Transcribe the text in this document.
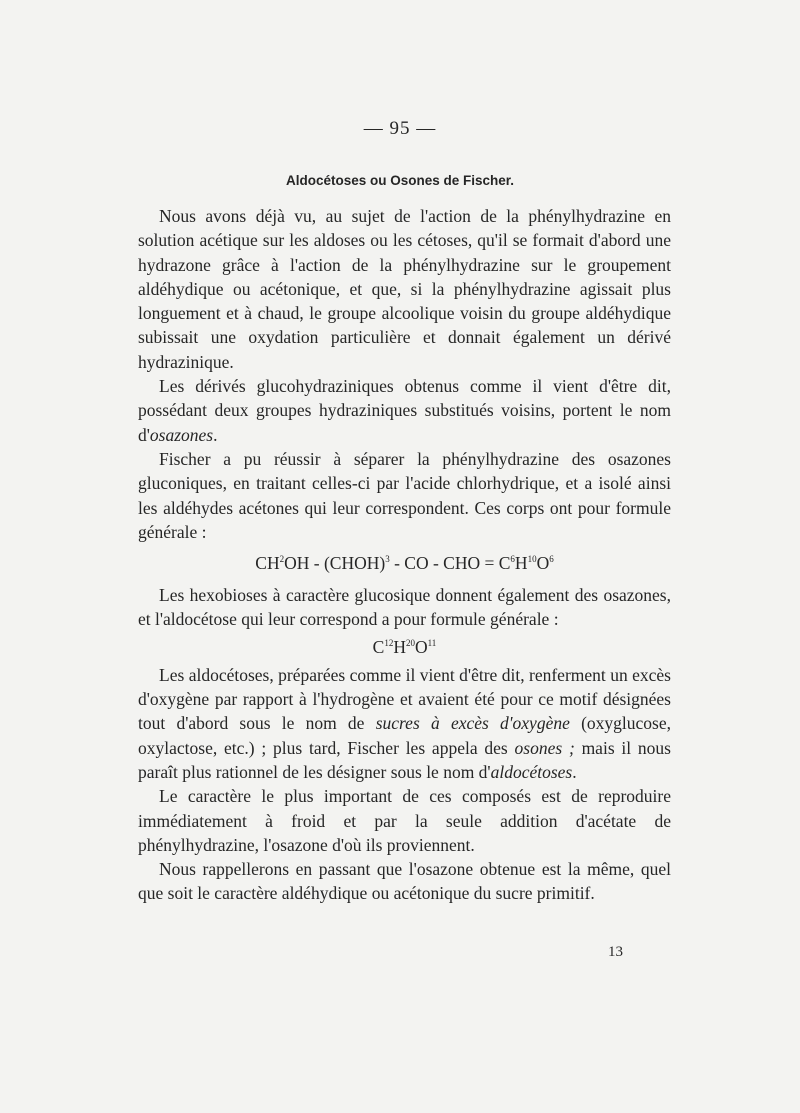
— 95 —
Aldocétoses ou Osones de Fischer.

Nous avons déjà vu, au sujet de l'action de la phénylhydrazine en solution acétique sur les aldoses ou les cétoses, qu'il se formait d'abord une hydrazone grâce à l'action de la phénylhydrazine sur le groupement aldéhydique ou acétonique, et que, si la phénylhydrazine agissait plus longuement et à chaud, le groupe alcoolique voisin du groupe aldéhydique subissait une oxydation particulière et donnait également un dérivé hydrazinique.

Les dérivés glucohydraziniques obtenus comme il vient d'être dit, possédant deux groupes hydraziniques substitués voisins, portent le nom d'osazones.

Fischer a pu réussir à séparer la phénylhydrazine des osazones gluconiques, en traitant celles-ci par l'acide chlorhydrique, et a isolé ainsi les aldéhydes acétones qui leur correspondent. Ces corps ont pour formule générale :

$CH^2OH$ - (CHOH)$^3$ - CO - CHO = $C^6H^{10}O^6$

Les hexobioses à caractère glucosique donnent également des osazones, et l'aldocétose qui leur correspond a pour formule générale :

$C^{12}H^{20}O^{11}$

Les aldocétoses, préparées comme il vient d'être dit, renferment un excès d'oxygène par rapport à l'hydrogène et avaient été pour ce motif désignées tout d'abord sous le nom de sucres à excès d'oxygène (oxyglucose, oxylactose, etc.) ; plus tard, Fischer les appela des osones ; mais il nous paraît plus rationnel de les désigner sous le nom d'aldocétoses.

Le caractère le plus important de ces composés est de reproduire immédiatement à froid et par la seule addition d'acétate de phénylhydrazine, l'osazone d'où ils proviennent.

Nous rappellerons en passant que l'osazone obtenue est la même, quel que soit le caractère aldéhydique ou acétonique du sucre primitif.

13
